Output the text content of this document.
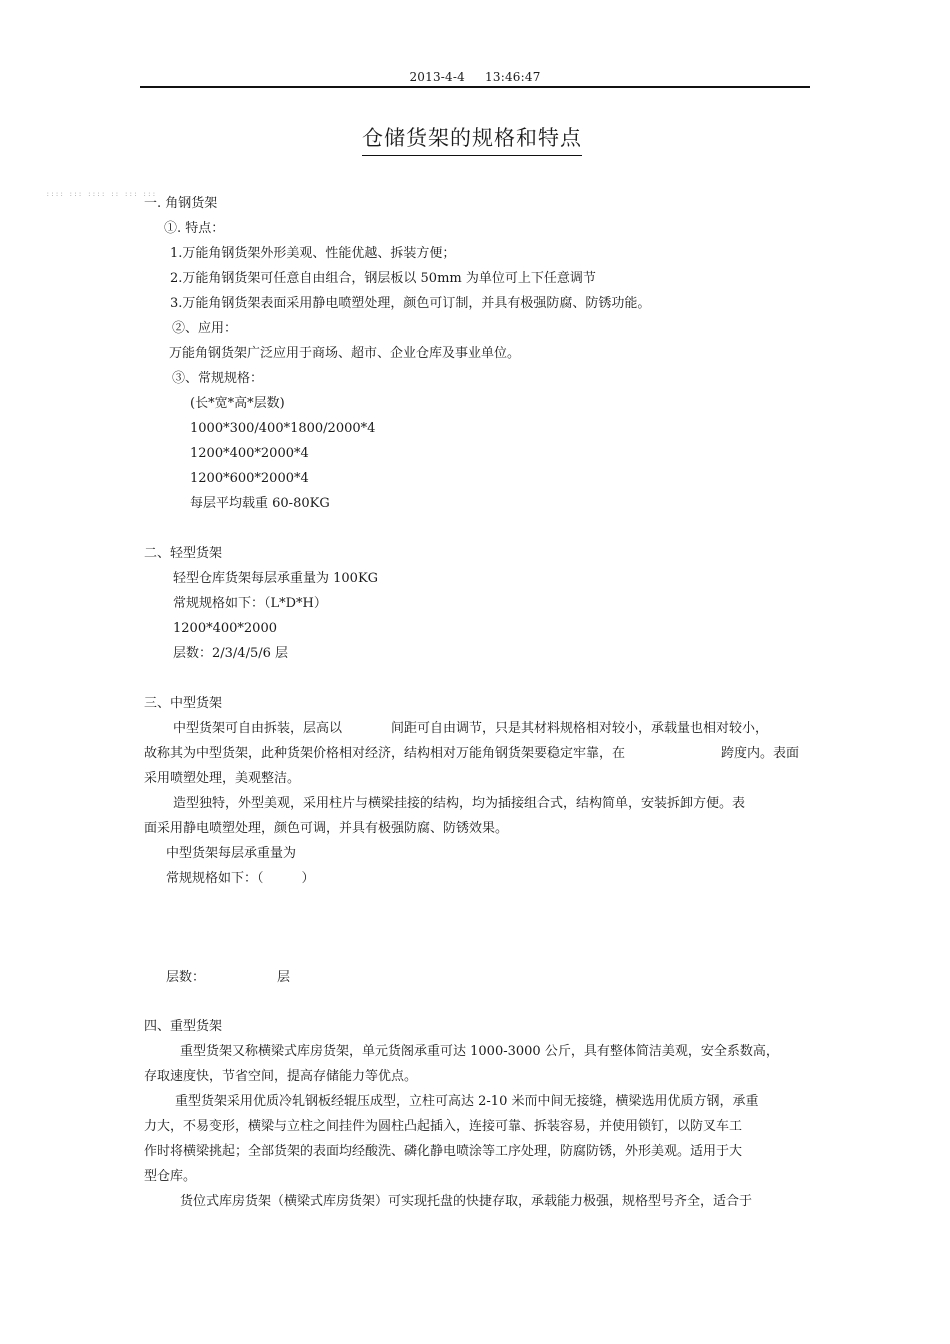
2013-4-4 13:46:47
仓储货架的规格和特点
:::: ::: :::: :: ::: :::
一. 角钢货架
①. 特点：
1.万能角钢货架外形美观、性能优越、拆装方便；
2.万能角钢货架可任意自由组合，钢层板以 50mm 为单位可上下任意调节
3.万能角钢货架表面采用静电喷塑处理，颜色可订制，并具有极强防腐、防锈功能。
②、应用：
万能角钢货架广泛应用于商场、超市、企业仓库及事业单位。
③、常规规格：
(长*宽*高*层数)
1000*300/400*1800/2000*4
1200*400*2000*4
1200*600*2000*4
每层平均载重 60-80KG
二、轻型货架
轻型仓库货架每层承重量为 100KG
常规规格如下：（L*D*H）
1200*400*2000
层数：2/3/4/5/6 层
三、中型货架
中型货架可自由拆装，层高以	间距可自由调节，只是其材料规格相对较小，承载量也相对较小，
故称其为中型货架，此种货架价格相对经济，结构相对万能角钢货架要稳定牢靠，在	跨度内。表面
采用喷塑处理，美观整洁。
造型独特，外型美观，采用柱片与横梁挂接的结构，均为插接组合式，结构简单，安装拆卸方便。表
面采用静电喷塑处理，颜色可调，并具有极强防腐、防锈效果。
中型货架每层承重量为
常规规格如下：（	）
层数：	层
四、重型货架
重型货架又称横梁式库房货架，单元货阁承重可达 1000-3000 公斤，具有整体简洁美观，安全系数高，
存取速度快，节省空间，提高存储能力等优点。
重型货架采用优质冷轧钢板经辊压成型，立柱可高达 2-10 米而中间无接缝，横梁选用优质方钢，承重
力大，不易变形，横梁与立柱之间挂件为圆柱凸起插入，连接可靠、拆装容易，并使用锁钉，以防叉车工
作时将横梁挑起；全部货架的表面均经酸洗、磷化静电喷涂等工序处理，防腐防锈，外形美观。适用于大
型仓库。
货位式库房货架（横梁式库房货架）可实现托盘的快捷存取，承载能力极强，规格型号齐全，适合于
